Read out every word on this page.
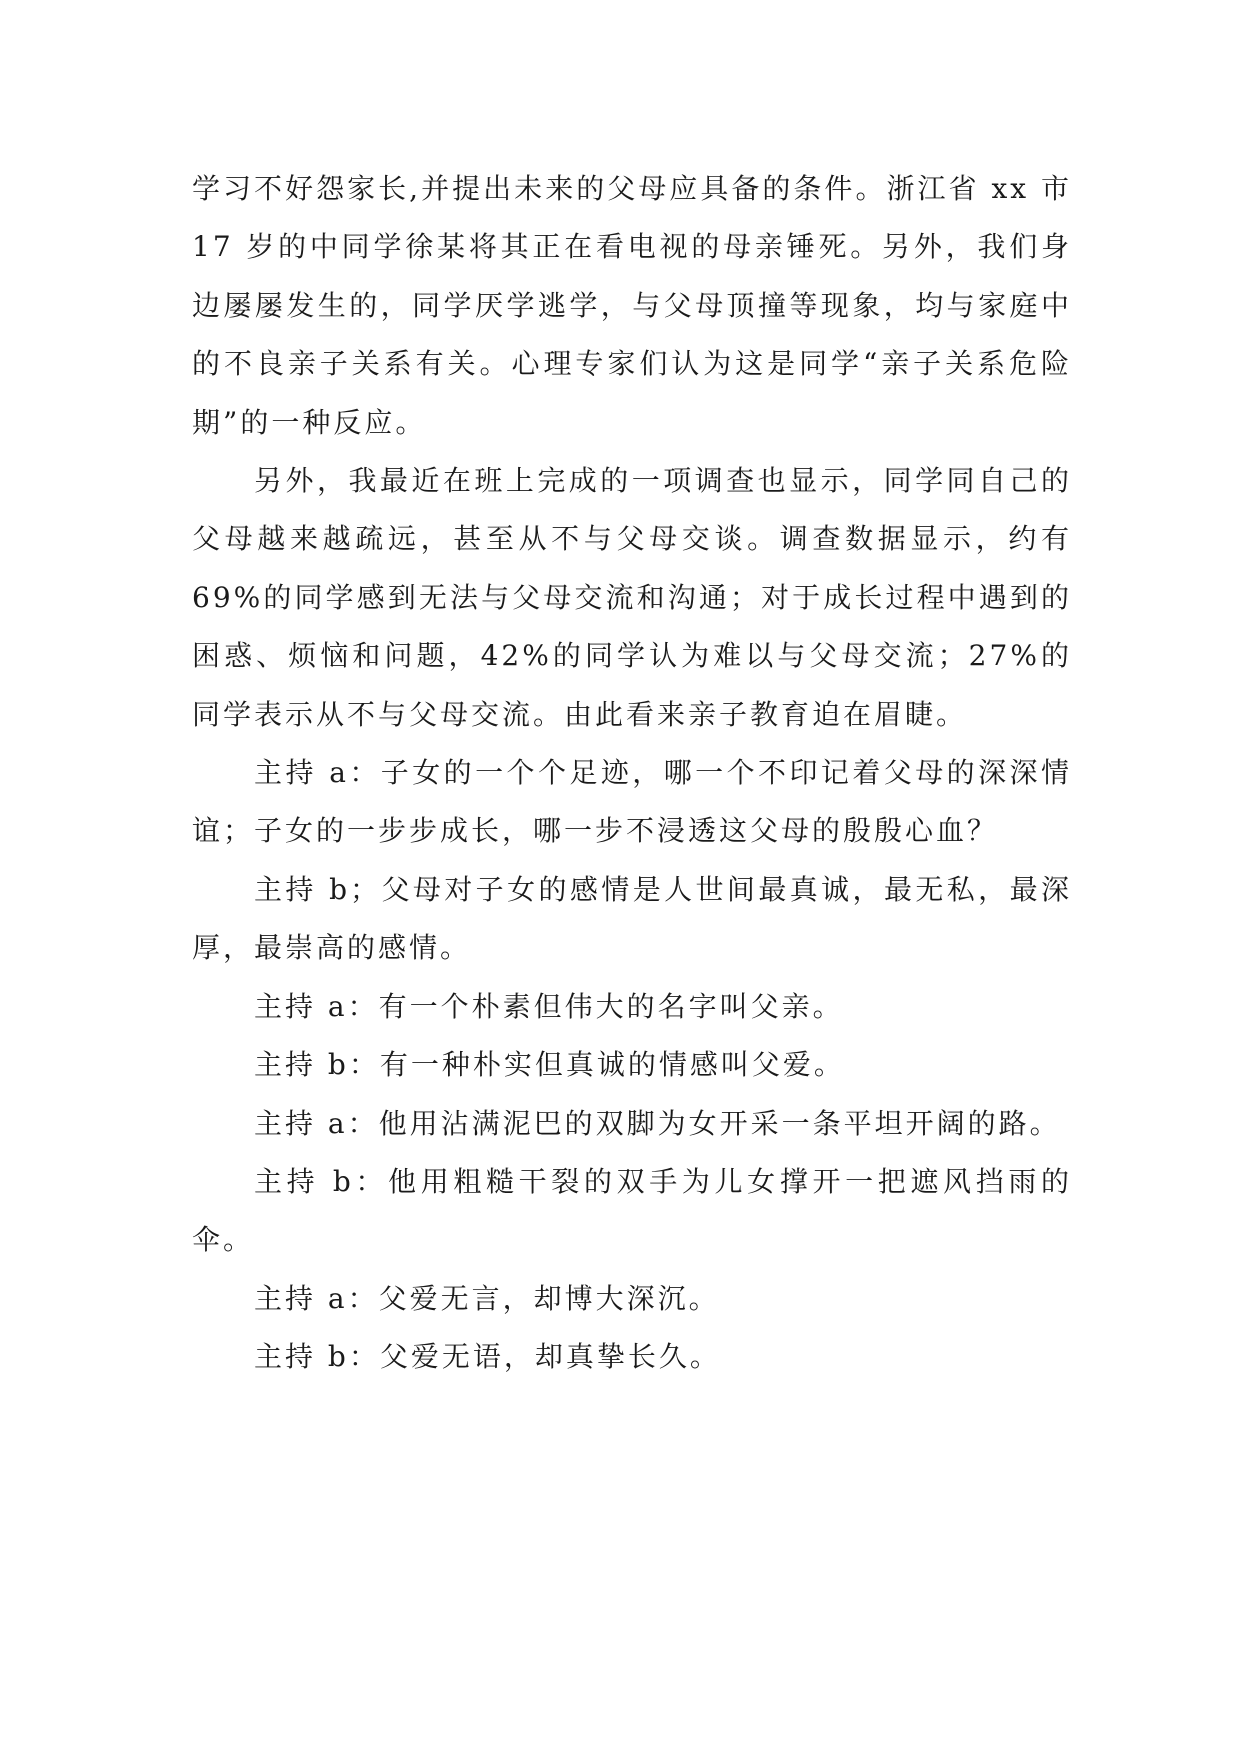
学习不好怨家长,并提出未来的父母应具备的条件。浙江省 xx 市 17 岁的中同学徐某将其正在看电视的母亲锤死。另外，我们身边屡屡发生的，同学厌学逃学，与父母顶撞等现象，均与家庭中的不良亲子关系有关。心理专家们认为这是同学“亲子关系危险期”的一种反应。

另外，我最近在班上完成的一项调查也显示，同学同自己的父母越来越疏远，甚至从不与父母交谈。调查数据显示，约有 69%的同学感到无法与父母交流和沟通；对于成长过程中遇到的困惑、烦恼和问题，42%的同学认为难以与父母交流；27%的同学表示从不与父母交流。由此看来亲子教育迫在眉睫。

主持 a：子女的一个个足迹，哪一个不印记着父母的深深情谊；子女的一步步成长，哪一步不浸透这父母的殷殷心血？

主持 b；父母对子女的感情是人世间最真诚，最无私，最深厚，最崇高的感情。

主持 a：有一个朴素但伟大的名字叫父亲。

主持 b：有一种朴实但真诚的情感叫父爱。

主持 a：他用沾满泥巴的双脚为女开采一条平坦开阔的路。

主持 b：他用粗糙干裂的双手为儿女撑开一把遮风挡雨的伞。

主持 a：父爱无言，却博大深沉。

主持 b：父爱无语，却真挚长久。
